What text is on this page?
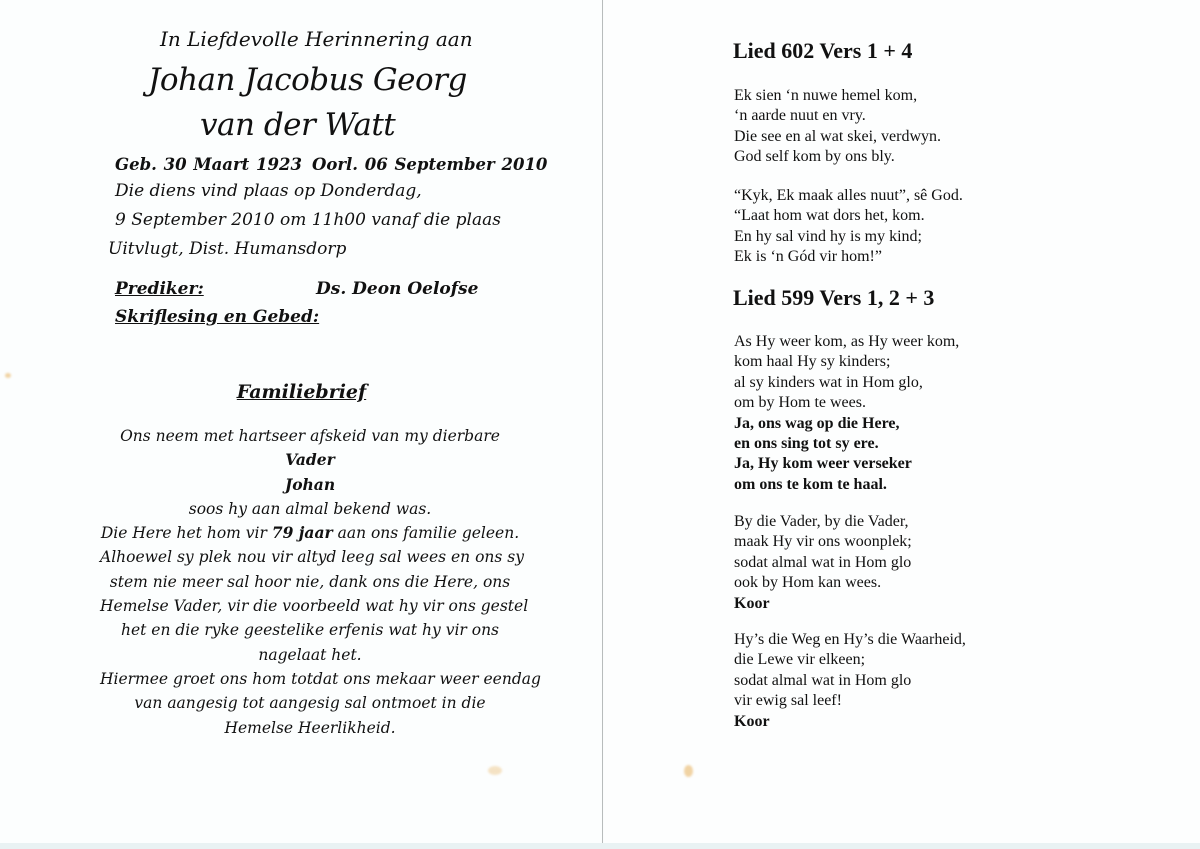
In Liefdevolle Herinnering aan
Johan Jacobus Georg
van der Watt
Geb. 30 Maart 1923 Oorl. 06 September 2010
Die diens vind plaas op Donderdag,
9 September 2010 om 11h00 vanaf die plaas
Uitvlugt, Dist. Humansdorp
Prediker:	Ds. Deon Oelofse
Skriflesing en Gebed:
Familiebrief
Ons neem met hartseer afskeid van my dierbare
Vader
Johan
soos hy aan almal bekend was.
Die Here het hom vir 79 jaar aan ons familie geleen.
Alhoewel sy plek nou vir altyd leeg sal wees en ons sy
stem nie meer sal hoor nie, dank ons die Here, ons
Hemelse Vader, vir die voorbeeld wat hy vir ons gestel
het en die ryke geestelike erfenis wat hy vir ons
nagelaat het.
Hiermee groet ons hom totdat ons mekaar weer eendag
van aangesig tot aangesig sal ontmoet in die
Hemelse Heerlikheid.
Lied 602 Vers 1 + 4
Ek sien ‘n nuwe hemel kom,
‘n aarde nuut en vry.
Die see en al wat skei, verdwyn.
God self kom by ons bly.
“Kyk, Ek maak alles nuut”, sê God.
“Laat hom wat dors het, kom.
En hy sal vind hy is my kind;
Ek is ‘n Gód vir hom!”
Lied 599 Vers 1, 2 + 3
As Hy weer kom, as Hy weer kom,
kom haal Hy sy kinders;
al sy kinders wat in Hom glo,
om by Hom te wees.
Ja, ons wag op die Here,
en ons sing tot sy ere.
Ja, Hy kom weer verseker
om ons te kom te haal.
By die Vader, by die Vader,
maak Hy vir ons woonplek;
sodat almal wat in Hom glo
ook by Hom kan wees.
Koor
Hy’s die Weg en Hy’s die Waarheid,
die Lewe vir elkeen;
sodat almal wat in Hom glo
vir ewig sal leef!
Koor
